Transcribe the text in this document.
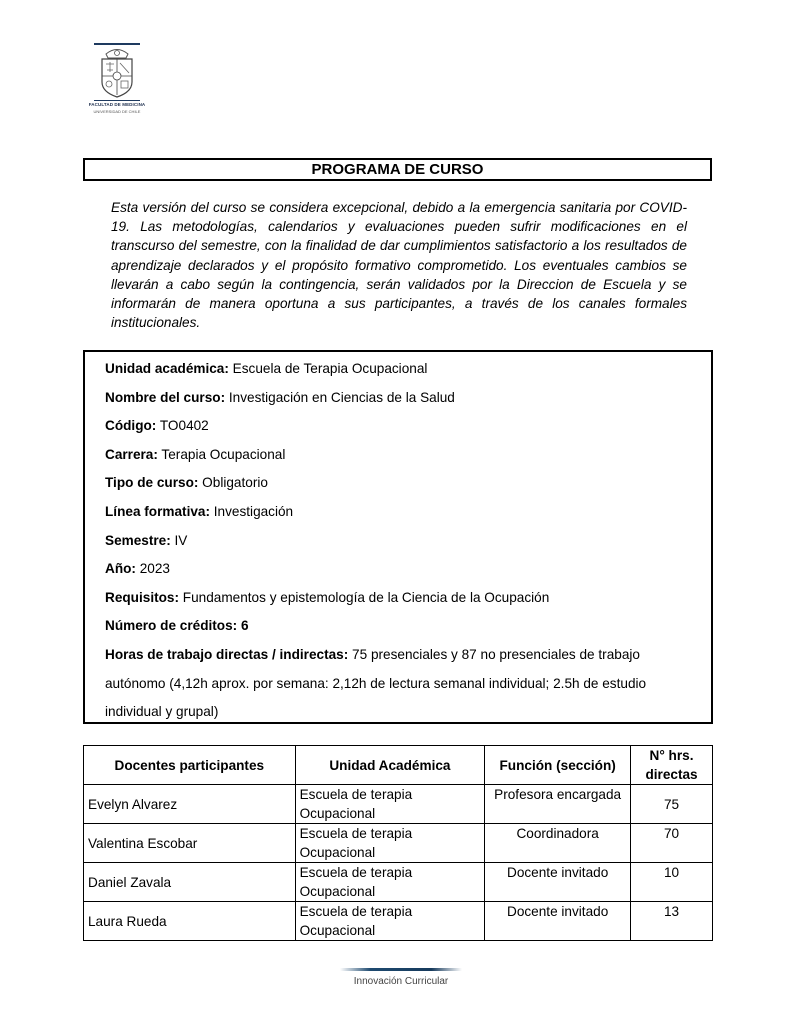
FACULTAD DE MEDICINA
UNIVERSIDAD DE CHILE
PROGRAMA DE CURSO
Esta versión del curso se considera excepcional, debido a la emergencia sanitaria por COVID-19. Las metodologías, calendarios y evaluaciones pueden sufrir modificaciones en el transcurso del semestre, con la finalidad de dar cumplimientos satisfactorio a los resultados de aprendizaje declarados y el propósito formativo comprometido. Los eventuales cambios se llevarán a cabo según la contingencia, serán validados por la Direccion de Escuela y se informarán de manera oportuna a sus participantes, a través de los canales formales institucionales.
Unidad académica: Escuela de Terapia Ocupacional
Nombre del curso: Investigación en Ciencias de la Salud
Código: TO0402
Carrera: Terapia Ocupacional
Tipo de curso: Obligatorio
Línea formativa: Investigación
Semestre: IV
Año: 2023
Requisitos: Fundamentos y epistemología de la Ciencia de la Ocupación
Número de créditos: 6
Horas de trabajo directas / indirectas: 75 presenciales y 87 no presenciales de trabajo autónomo (4,12h aprox. por semana: 2,12h de lectura semanal individual; 2.5h de estudio individual y grupal)
Docentes participantes	Unidad Académica	Función (sección)	N° hrs. directas
Evelyn Alvarez	Escuela de terapia Ocupacional	Profesora encargada	75
Valentina Escobar	Escuela de terapia Ocupacional	Coordinadora	70
Daniel Zavala	Escuela de terapia Ocupacional	Docente invitado	10
Laura Rueda	Escuela de terapia Ocupacional	Docente invitado	13
Innovación Curricular
